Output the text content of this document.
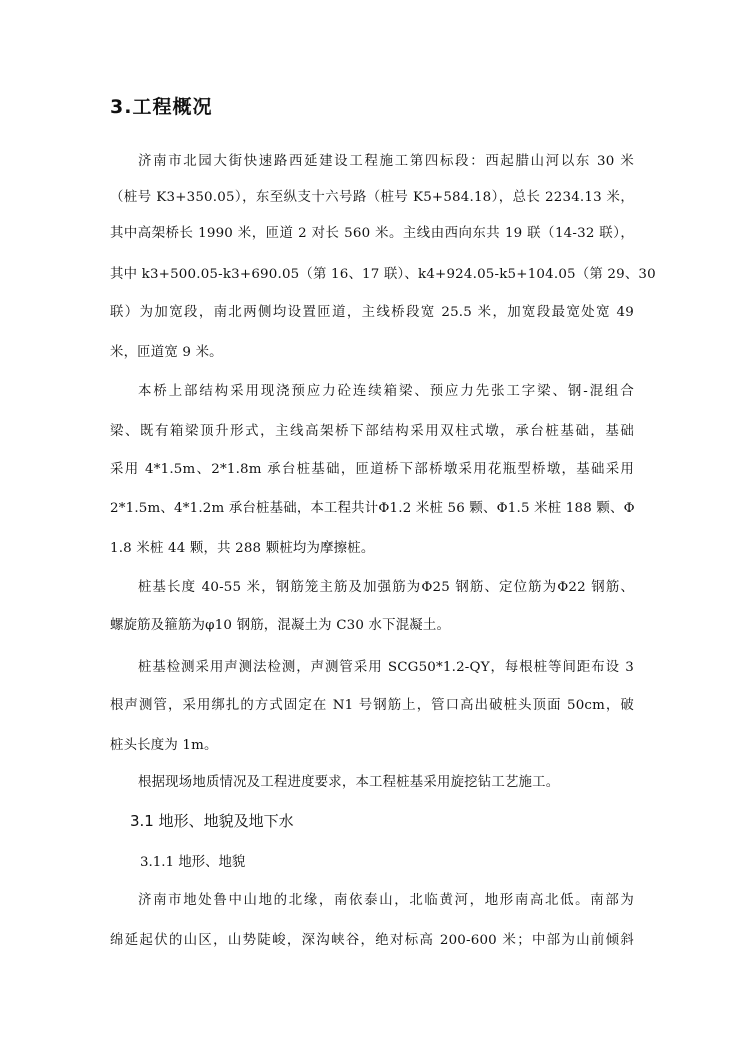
3.工程概况
济南市北园大街快速路西延建设工程施工第四标段：西起腊山河以东 30 米
（桩号 K3+350.05），东至纵支十六号路（桩号 K5+584.18），总长 2234.13 米，
其中高架桥长 1990 米，匝道 2 对长 560 米。主线由西向东共 19 联（14-32 联），
其中 k3+500.05-k3+690.05（第 16、17 联）、k4+924.05-k5+104.05（第 29、30
联）为加宽段，南北两侧均设置匝道，主线桥段宽 25.5 米，加宽段最宽处宽 49
米，匝道宽 9 米。
本桥上部结构采用现浇预应力砼连续箱梁、预应力先张工字梁、钢-混组合
梁、既有箱梁顶升形式，主线高架桥下部结构采用双柱式墩，承台桩基础，基础
采用 4*1.5m、2*1.8m 承台桩基础，匝道桥下部桥墩采用花瓶型桥墩，基础采用
2*1.5m、4*1.2m 承台桩基础，本工程共计Φ1.2 米桩 56 颗、Φ1.5 米桩 188 颗、Φ
1.8 米桩 44 颗，共 288 颗桩均为摩擦桩。
桩基长度 40-55 米，钢筋笼主筋及加强筋为Φ25 钢筋、定位筋为Φ22 钢筋、
螺旋筋及箍筋为φ10 钢筋，混凝土为 C30 水下混凝土。
桩基检测采用声测法检测，声测管采用 SCG50*1.2-QY，每根桩等间距布设 3
根声测管，采用绑扎的方式固定在 N1 号钢筋上，管口高出破桩头顶面 50cm，破
桩头长度为 1m。
根据现场地质情况及工程进度要求，本工程桩基采用旋挖钻工艺施工。
3.1 地形、地貌及地下水
3.1.1 地形、地貌
济南市地处鲁中山地的北缘，南依泰山，北临黄河，地形南高北低。南部为
绵延起伏的山区，山势陡峻，深沟峡谷，绝对标高 200-600 米；中部为山前倾斜
